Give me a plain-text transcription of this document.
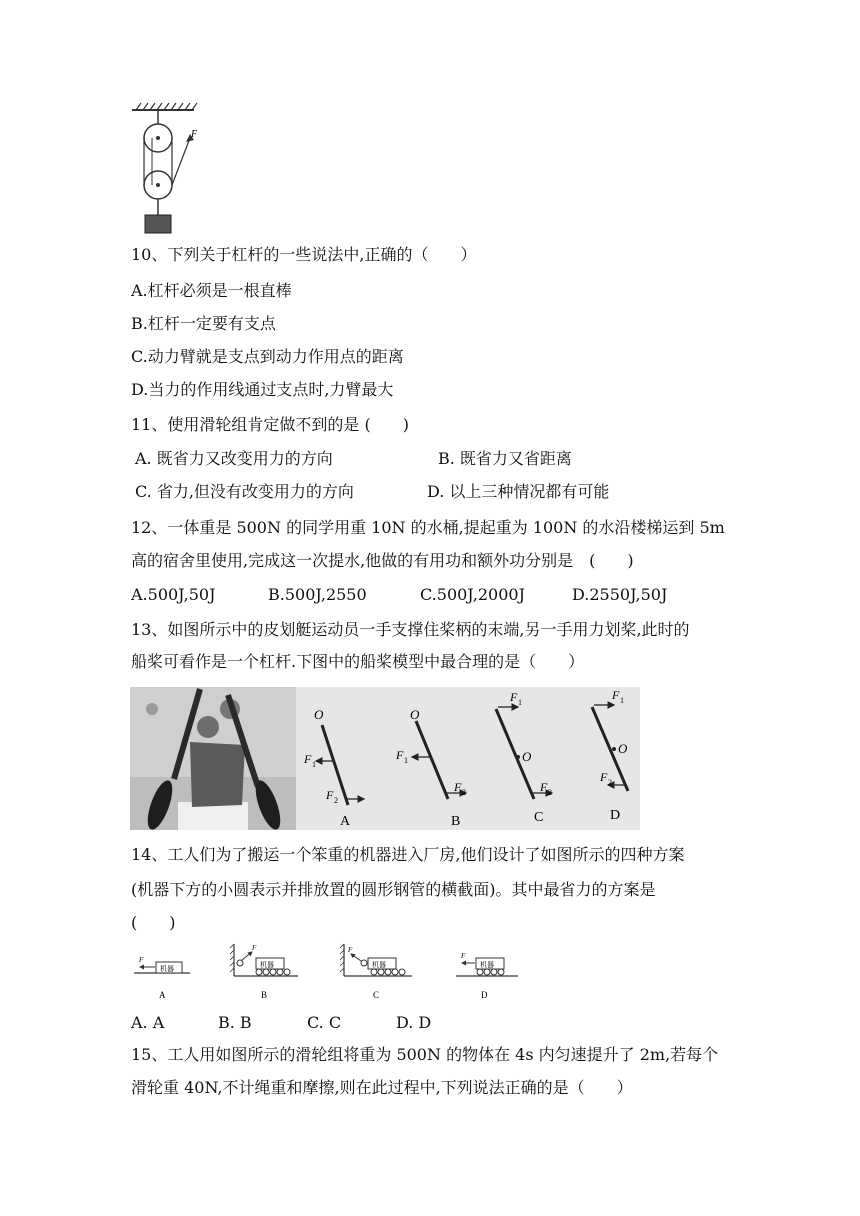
F
10、下列关于杠杆的一些说法中,正确的（　　）
A.杠杆必须是一根直棒
B.杠杆一定要有支点
C.动力臂就是支点到动力作用点的距离
D.当力的作用线通过支点时,力臂最大
11、使用滑轮组肯定做不到的是 (　　)
A. 既省力又改变用力的方向	B. 既省力又省距离
C. 省力,但没有改变用力的方向	D. 以上三种情况都有可能
12、一体重是 500N 的同学用重 10N 的水桶,提起重为 100N 的水沿楼梯运到 5m
高的宿舍里使用,完成这一次提水,他做的有用功和额外功分别是　(　　)
A.500J,50J	B.500J,2550	C.500J,2000J	D.2550J,50J
13、如图所示中的皮划艇运动员一手支撑住桨柄的末端,另一手用力划桨,此时的
船桨可看作是一个杠杆.下图中的船桨模型中最合理的是（　　）
O
F 1
F 2
A
O
F 1
F 2
B
F 1
O
F 2
C
F 1
O
F 2
D
14、工人们为了搬运一个笨重的机器进入厂房,他们设计了如图所示的四种方案
(机器下方的小圆表示并排放置的圆形钢管的横截面)。其中最省力的方案是
(　　)
机器
F
A
机器
F
B
机器
F
C
机器
F
D
A. A	B. B	C. C	D. D
15、工人用如图所示的滑轮组将重为 500N 的物体在 4s 内匀速提升了 2m,若每个
滑轮重 40N,不计绳重和摩擦,则在此过程中,下列说法正确的是（　　）
